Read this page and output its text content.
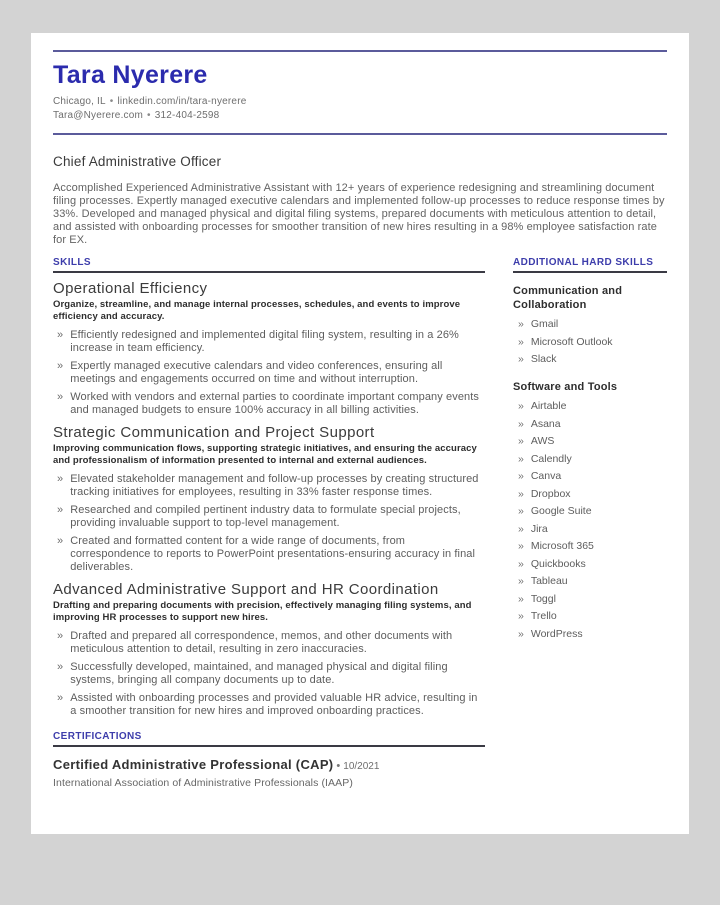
Tara Nyerere
Chicago, IL • linkedin.com/in/tara-nyerere
Tara@Nyerere.com • 312-404-2598
Chief Administrative Officer

Accomplished Experienced Administrative Assistant with 12+ years of experience redesigning and streamlining document filing processes. Expertly managed executive calendars and implemented follow-up processes to reduce response times by 33%. Developed and managed physical and digital filing systems, prepared documents with meticulous attention to detail, and assisted with onboarding processes for smoother transition of new hires resulting in a 98% employee satisfaction rate for EX.

SKILLS
Operational Efficiency
Organize, streamline, and manage internal processes, schedules, and events to improve efficiency and accuracy.
» Efficiently redesigned and implemented digital filing system, resulting in a 26% increase in team efficiency.
» Expertly managed executive calendars and video conferences, ensuring all meetings and engagements occurred on time and without interruption.
» Worked with vendors and external parties to coordinate important company events and managed budgets to ensure 100% accuracy in all billing activities.
Strategic Communication and Project Support
Improving communication flows, supporting strategic initiatives, and ensuring the accuracy and professionalism of information presented to internal and external audiences.
» Elevated stakeholder management and follow-up processes by creating structured tracking initiatives for employees, resulting in 33% faster response times.
» Researched and compiled pertinent industry data to formulate special projects, providing invaluable support to top-level management.
» Created and formatted content for a wide range of documents, from correspondence to reports to PowerPoint presentations-ensuring accuracy in final deliverables.
Advanced Administrative Support and HR Coordination
Drafting and preparing documents with precision, effectively managing filing systems, and improving HR processes to support new hires.
» Drafted and prepared all correspondence, memos, and other documents with meticulous attention to detail, resulting in zero inaccuracies.
» Successfully developed, maintained, and managed physical and digital filing systems, bringing all company documents up to date.
» Assisted with onboarding processes and provided valuable HR advice, resulting in a smoother transition for new hires and improved onboarding practices.
CERTIFICATIONS
Certified Administrative Professional (CAP) • 10/2021
International Association of Administrative Professionals (IAAP)
ADDITIONAL HARD SKILLS
Communication and Collaboration
» Gmail
» Microsoft Outlook
» Slack
Software and Tools
» Airtable
» Asana
» AWS
» Calendly
» Canva
» Dropbox
» Google Suite
» Jira
» Microsoft 365
» Quickbooks
» Tableau
» Toggl
» Trello
» WordPress
